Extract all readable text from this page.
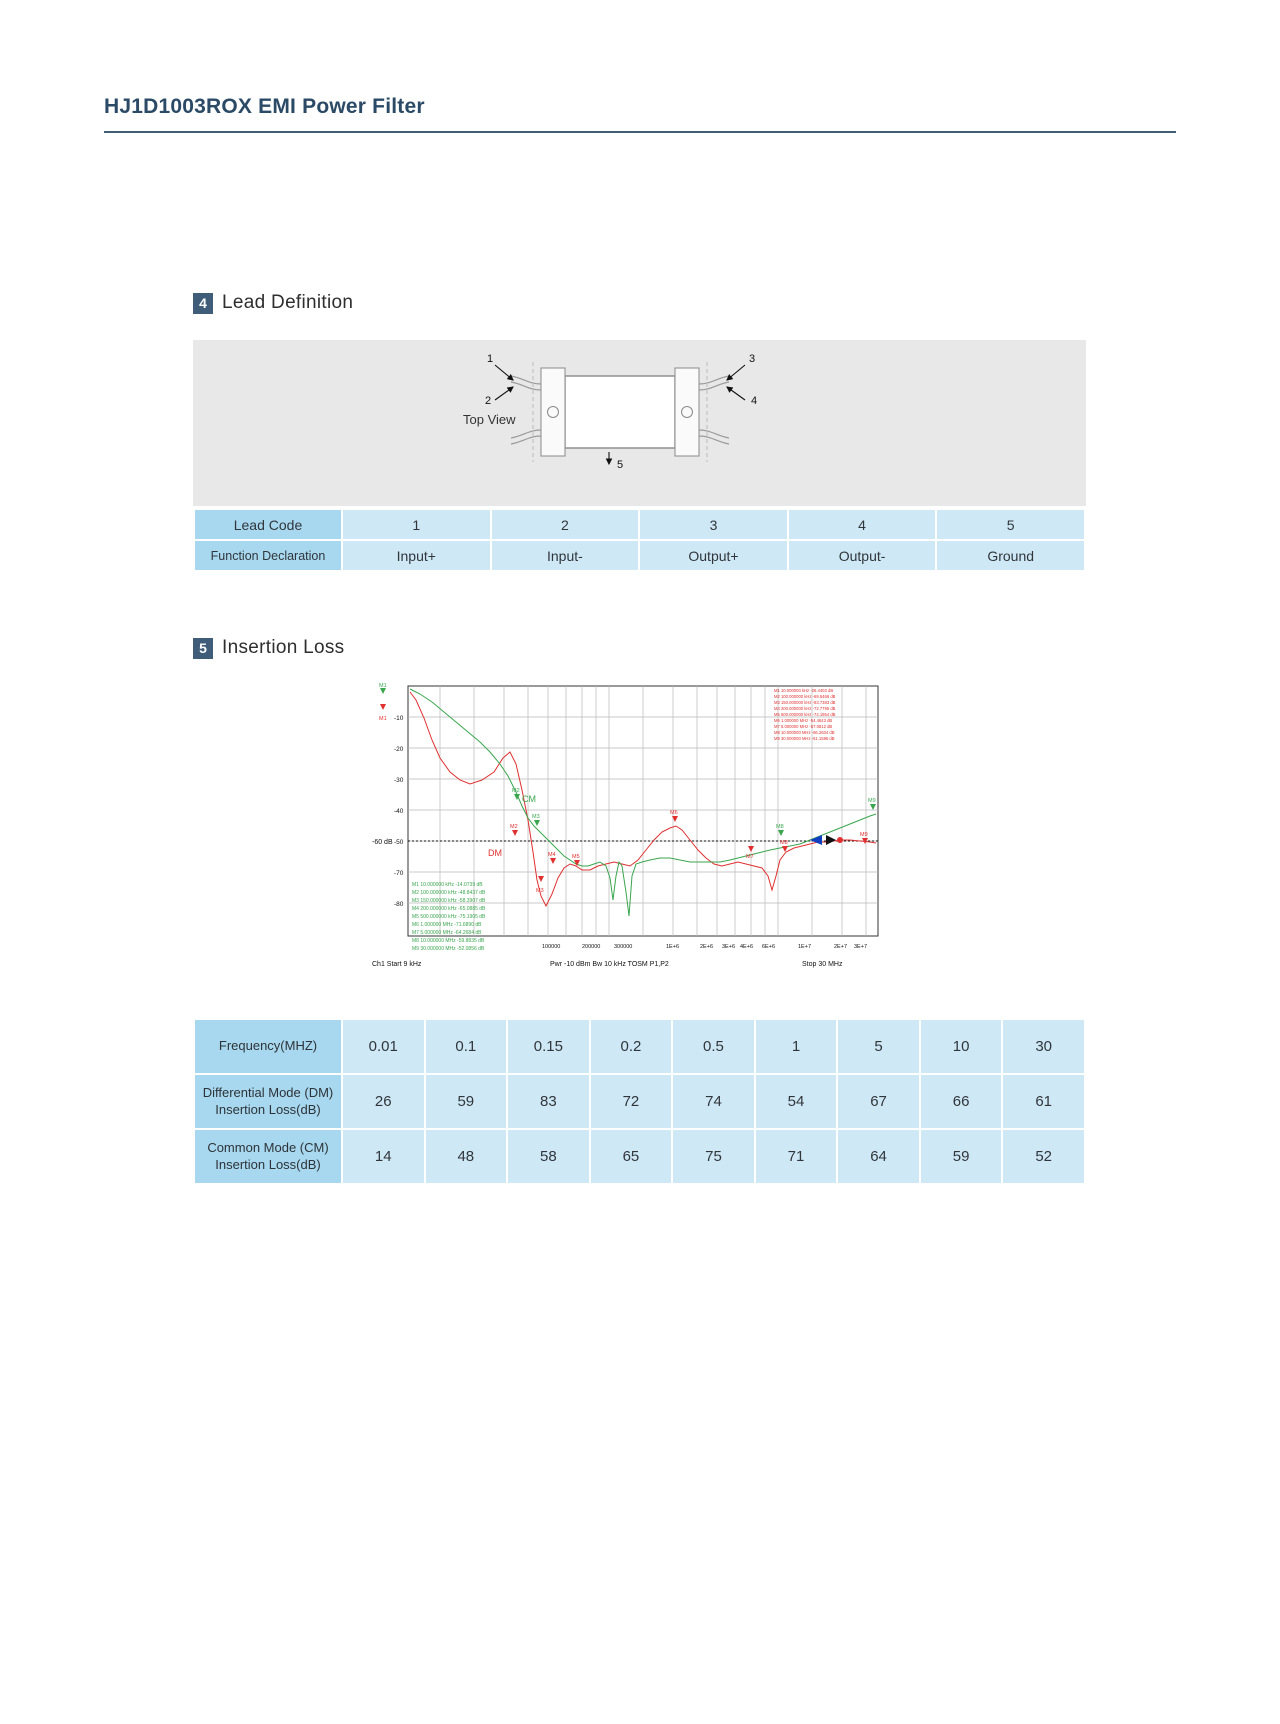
HJ1D1003ROX EMI Power Filter
4 Lead Definition
Top View
1
2
3
4
5
Lead Code	1	2	3	4	5
Function Declaration	Input+	Input-	Output+	Output-	Ground
5 Insertion Loss
-60 dB
-10
-20
-30
-40
-50
-70
-80
CM
DM
M1
M2
M3
M4	M5
M6
M7
M8
M9
M1
M2
M3
M8
M9
M1 10.000000 kHz -26.4403 dB
M2 100.000000 kHz -69.5466 dB
M3 150.000000 kHz -83.7383 dB
M4 200.000000 kHz -72.7795 dB
M5 500.000000 kHz -74.1954 dB
M6 1.000000 MHz -54.4643 dB
M7 5.000000 MHz -67.0812 dB
M8 10.000000 MHz -66.2604 dB
M9 30.000000 MHz -61.1586 dB
M1 10.000000 kHz -14.0739 dB
M2 100.000000 kHz -48.8437 dB
M3 150.000000 kHz -58.3907 dB
M4 200.000000 kHz -65.0885 dB
M5 500.000000 kHz -75.1905 dB
M6 1.000000 MHz -71.6890 dB
M7 5.000000 MHz -64.2684 dB
M8 10.000000 MHz -59.8835 dB
M9 30.000000 MHz -52.0856 dB	100000	200000 300000	1E+6	2E+6 3E+6 4E+6 6E+6	1E+7	2E+7 3E+7
Ch1 Start 9 kHz	Pwr -10 dBm Bw 10 kHz TOSM P1,P2	Stop 30 MHz
Frequency(MHZ)	0.01	0.1	0.15	0.2	0.5	1	5	10	30
Differential Mode (DM)
Insertion Loss(dB)	26	59	83	72	74	54	67	66	61
Common Mode (CM)
Insertion Loss(dB)	14	48	58	65	75	71	64	59	52
